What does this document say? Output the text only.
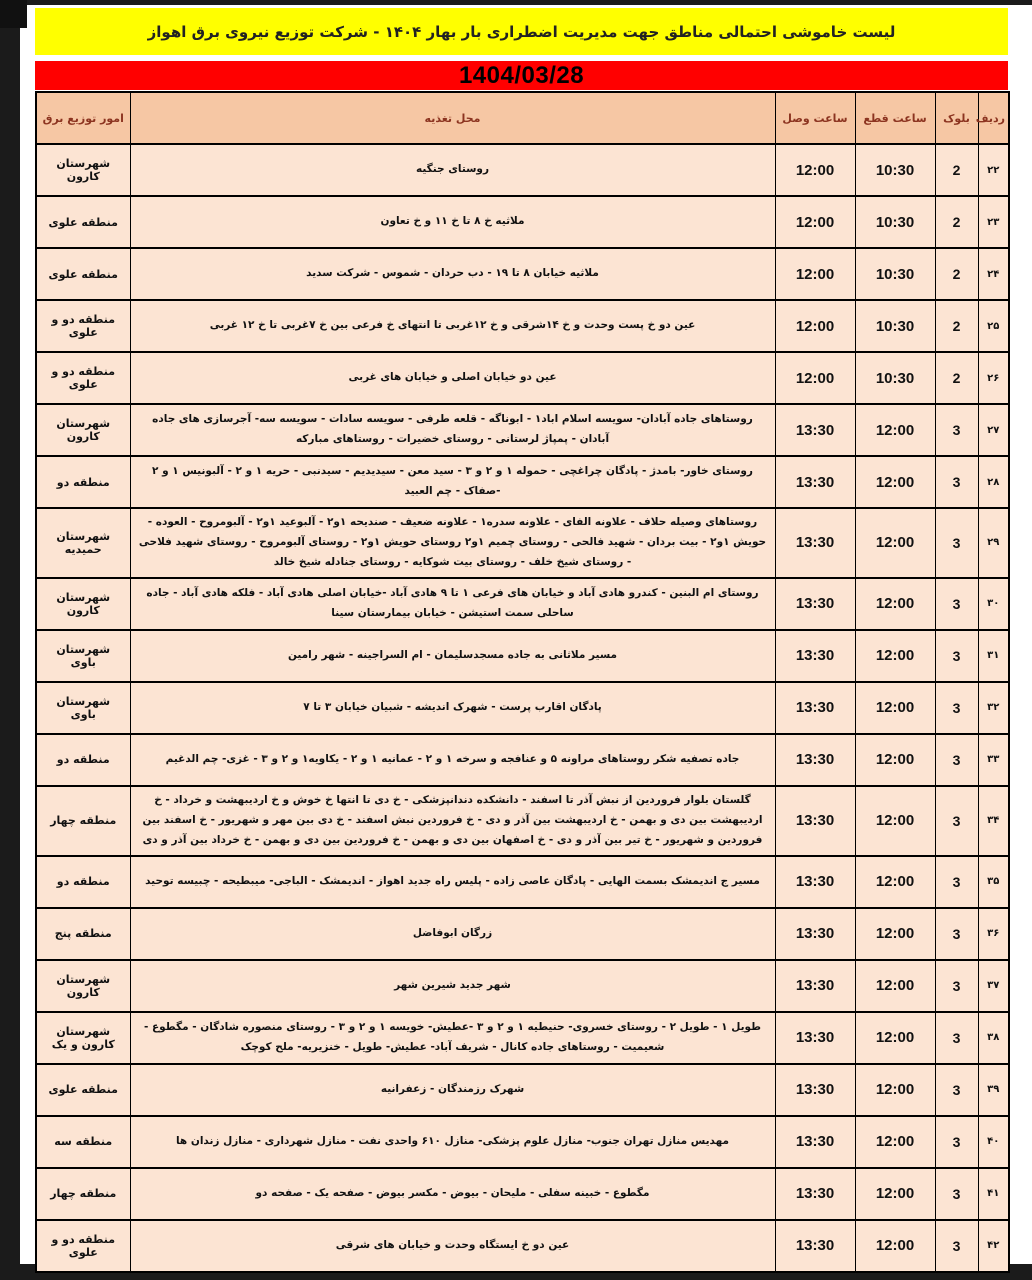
لیست خاموشی احتمالی مناطق جهت مدیریت اضطراری بار بهار ۱۴۰۴ - شرکت توزیع نیروی برق اهواز
1404/03/28
ردیف	بلوک	ساعت قطع	ساعت وصل	محل تغذیه	امور توزیع برق
۲۲	2	10:30	12:00	روستای جنگیه	شهرستان کارون
۲۳	2	10:30	12:00	ملاثیه خ ۸ تا خ ۱۱ و خ تعاون	منطقه علوی
۲۴	2	10:30	12:00	ملاثیه خیابان ۸ تا ۱۹ - دب حردان - شموس - شرکت سدید	منطقه علوی
۲۵	2	10:30	12:00	عین دو خ پست وحدت و خ ۱۴شرقی و خ ۱۲غربی تا انتهای خ فرعی بین خ ۷غربی تا خ ۱۲ غربی	منطقه دو و علوی
۲۶	2	10:30	12:00	عین دو خیابان اصلی و خیابان های غربی	منطقه دو و علوی
۲۷	3	12:00	13:30	روستاهای جاده آبادان- سویسه اسلام اباد۱ - ابوناگه - قلعه طرفی - سویسه سادات - سویسه سه- آجرسازی های جاده آبادان - پمپاژ لرستانی - روستای خضیرات - روستاهای مبارکه	شهرستان کارون
۲۸	3	12:00	13:30	روستای خاور- بامدژ - پادگان چراغچی - حموله ۱ و ۲ و ۳ - سید معن - سیدیدیم - سیدنبی - حریه ۱ و ۲ - آلبونیس ۱ و ۲ -صفاک - چم العبید	منطقه دو
۲۹	3	12:00	13:30	روستاهای وصیله حلاف - علاونه الفای - علاونه سدره۱ - علاونه ضعیف - صندیحه ۱و۲ - آلبوعید ۱و۲ - آلبومروح - العوده - حویش ۱و۲ - بیت بردان - شهید فالحی - روستای چمیم ۱و۲ روستای حویش ۱و۲ - روستای آلبومروح - روستای شهید فلاحی - روستای شیخ خلف - روستای بیت شوکایه - روستای جنادله شیخ خالد	شهرستان حمیدیه
۳۰	3	12:00	13:30	روستای ام البنین - کندرو هادی آباد و خیابان های فرعی ۱ تا ۹ هادی آباد -خیابان اصلی هادی آباد - فلکه هادی آباد - جاده ساحلی سمت استیشن - خیابان بیمارستان سینا	شهرستان کارون
۳۱	3	12:00	13:30	مسیر ملاثانی به جاده مسجدسلیمان - ام السراجینه - شهر رامین	شهرستان باوی
۳۲	3	12:00	13:30	پادگان اقارب پرست - شهرک اندیشه - شبیان خیابان ۳ تا ۷	شهرستان باوی
۳۳	3	12:00	13:30	جاده تصفیه شکر روستاهای مراونه ۵ و عنافجه و سرخه ۱ و ۲ - عمانیه ۱ و ۲ - یکاویه۱ و ۲ و ۳ - غزی- چم الدغیم	منطقه دو
۳۴	3	12:00	13:30	گلستان بلوار فروردین از نبش آذر تا اسفند - دانشکده دندانپزشکی - خ دی تا انتها خ خوش و خ اردیبهشت و خرداد - خ اردیبهشت بین دی و بهمن - خ اردیبهشت بین آذر و دی - خ فروردین نبش اسفند - خ دی بین مهر و شهریور - خ اسفند بین فروردین و شهریور - خ تیر بین آذر و دی - خ اصفهان بین دی و بهمن - خ فروردین بین دی و بهمن - خ خرداد بین آذر و دی	منطقه چهار
۳۵	3	12:00	13:30	مسیر ج اندیمشک بسمت الهایی - پادگان عاصی زاده - پلیس راه جدید اهواز - اندیمشک - الباجی- میبطیحه - چبیسه توحید	منطقه دو
۳۶	3	12:00	13:30	زرگان ابوفاضل	منطقه پنج
۳۷	3	12:00	13:30	شهر جدید شیرین شهر	شهرستان کارون
۳۸	3	12:00	13:30	طویل ۱ - طویل ۲ - روستای خسروی- حنیطیه ۱ و ۲ و ۳ -عطیش- خویسه ۱ و ۲ و ۳ - روستای منصوره شادگان - مگطوع - شعیمیت - روستاهای جاده کانال - شریف آباد- عطیش- طویل - خنزیریه- ملح کوچک	شهرستان کارون و یک
۳۹	3	12:00	13:30	شهرک رزمندگان - زعفرانیه	منطقه علوی
۴۰	3	12:00	13:30	مهدیس منازل تهران جنوب- منازل علوم پزشکی- منازل ۶۱۰ واحدی نفت - منازل شهرداری - منازل زندان ها	منطقه سه
۴۱	3	12:00	13:30	مگطوع - خبینه سفلی - ملیحان - بیوض - مکسر بیوض - صفحه یک - صفحه دو	منطقه چهار
۴۲	3	12:00	13:30	عین دو خ ایستگاه وحدت و خیابان های شرقی	منطقه دو و علوی
